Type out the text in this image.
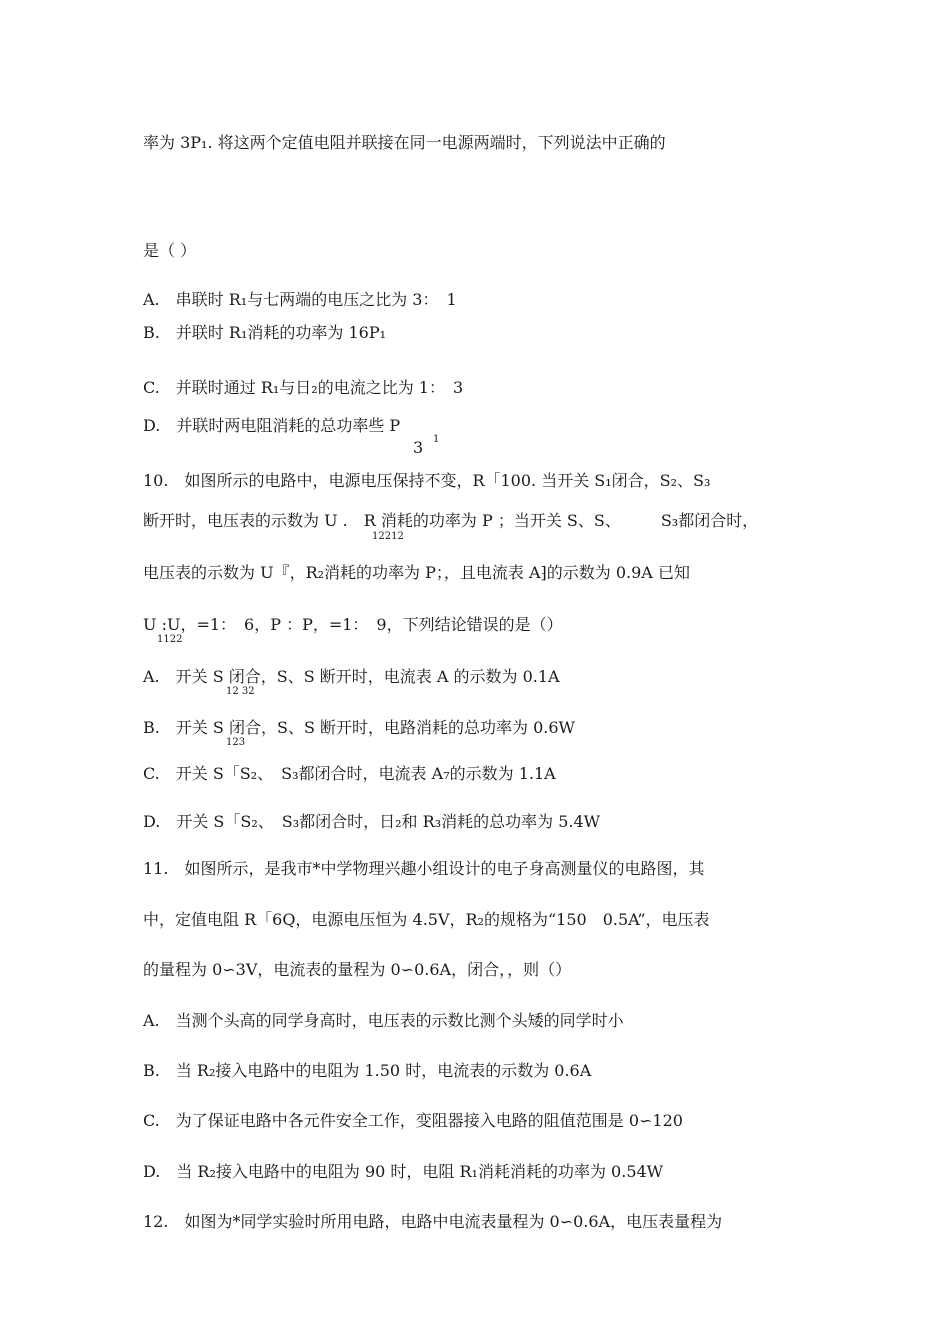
率为 3P₁. 将这两个定值电阻并联接在同一电源两端时，下列说法中正确的
是（ ）
A.　串联时 R₁与七两端的电压之比为 3：　1
B.　并联时 R₁消耗的功率为 16P₁
C.　并联时通过 R₁与日₂的电流之比为 1：　3
D.　并联时两电阻消耗的总功率些 P
3 1
10.　如图所示的电路中，电源电压保持不变，R「100. 当开关 S₁闭合，S₂、S₃
断开时，电压表的示数为 U .　R 消耗的功率为 P ；当开关 S、S、　　　S₃都闭合时，
12212
电压表的示数为 U『，R₂消耗的功率为 P；，且电流表 A⁆的示数为 0.9A 已知
U :U，=1：　6，P ：P，=1：　9，下列结论错误的是（）
1122
A.　开关 S 闭合，S、S 断开时，电流表 A 的示数为 0.1A
12 32
B.　开关 S 闭合，S、S 断开时，电路消耗的总功率为 0.6W
123
C.　开关 S「S₂、　S₃都闭合时，电流表 A₇的示数为 1.1A
D.　开关 S「S₂、　S₃都闭合时，日₂和 R₃消耗的总功率为 5.4W
11.　如图所示，是我市*中学物理兴趣小组设计的电子身高测量仪的电路图，其
中，定值电阻 R「6Q，电源电压恒为 4.5V，R₂的规格为“150　0.5A”，电压表
的量程为 0∽3V，电流表的量程为 0∽0.6A，闭合，，则（）
A.　当测个头高的同学身高时，电压表的示数比测个头矮的同学时小
B.　当 R₂接入电路中的电阻为 1.50 时，电流表的示数为 0.6A
C.　为了保证电路中各元件安全工作，变阻器接入电路的阻值范围是 0∽120
D.　当 R₂接入电路中的电阻为 90 时，电阻 R₁消耗消耗的功率为 0.54W
12.　如图为*同学实验时所用电路，电路中电流表量程为 0∽0.6A，电压表量程为
